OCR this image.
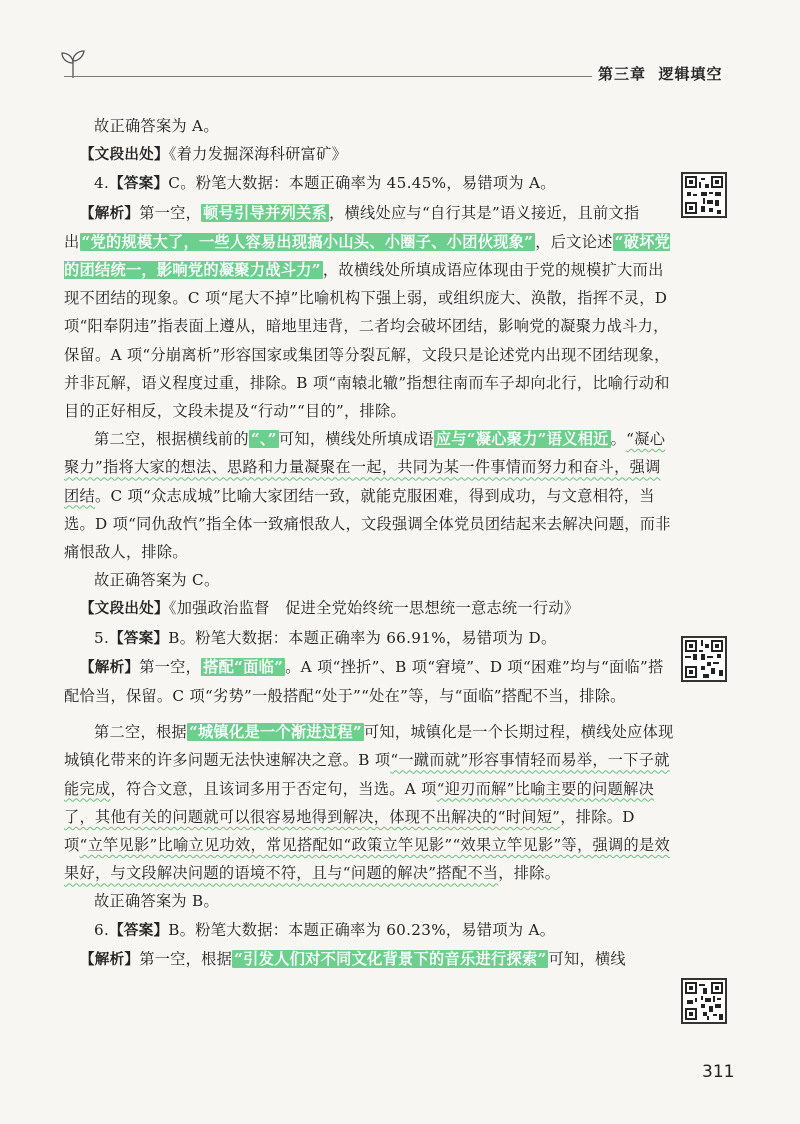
第三章 逻辑填空

故正确答案为 A。

【文段出处】《着力发掘深海科研富矿》

4.【答案】C。粉笔大数据：本题正确率为 45.45%，易错项为 A。

【解析】第一空， 顿号引导并列关系 ，横线处应与“自行其是”语义接近，且前文指出 “党的规模大了，一些人容易出现搞小山头、小圈子、小团伙现象” ，后文论述 “破坏党的团结统一，影响党的凝聚力战斗力” ，故横线处所填成语应体现由于党的规模扩大而出现不团结的现象。C 项“尾大不掉”比喻机构下强上弱，或组织庞大、涣散，指挥不灵，D 项“阳奉阴违”指表面上遵从，暗地里违背，二者均会破坏团结，影响党的凝聚力战斗力，保留。A 项“分崩离析”形容国家或集团等分裂瓦解，文段只是论述党内出现不团结现象，并非瓦解，语义程度过重，排除。B 项“南辕北辙”指想往南而车子却向北行，比喻行动和目的正好相反，文段未提及“行动”“目的”，排除。

第二空，根据横线前的 “、” 可知，横线处所填成语 应与“凝心聚力”语义相近 。“凝心聚力”指将大家的想法、思路和力量凝聚在一起，共同为某一件事情而努力和奋斗，强调团结。C 项“众志成城”比喻大家团结一致，就能克服困难，得到成功，与文意相符，当选。D 项“同仇敌忾”指全体一致痛恨敌人，文段强调全体党员团结起来去解决问题，而非痛恨敌人，排除。

故正确答案为 C。

【文段出处】《加强政治监督　促进全党始终统一思想统一意志统一行动》

5.【答案】B。粉笔大数据：本题正确率为 66.91%，易错项为 D。

【解析】第一空， 搭配“面临” 。A 项“挫折”、B 项“窘境”、D 项“困难”均与“面临”搭配恰当，保留。C 项“劣势”一般搭配“处于”“处在”等，与“面临”搭配不当，排除。

第二空，根据 “城镇化是一个渐进过程” 可知，城镇化是一个长期过程，横线处应体现城镇化带来的许多问题无法快速解决之意。B 项“一蹴而就”形容事情轻而易举，一下子就能完成，符合文意，且该词多用于否定句，当选。A 项“迎刃而解”比喻主要的问题解决了，其他有关的问题就可以很容易地得到解决，体现不出解决的“时间短”，排除。D 项“立竿见影”比喻立见功效，常见搭配如“政策立竿见影”“效果立竿见影”等，强调的是效果好，与文段解决问题的语境不符，且与“问题的解决”搭配不当，排除。

故正确答案为 B。

6.【答案】B。粉笔大数据：本题正确率为 60.23%，易错项为 A。

【解析】第一空，根据 “引发人们对不同文化背景下的音乐进行探索” 可知，横线

311
